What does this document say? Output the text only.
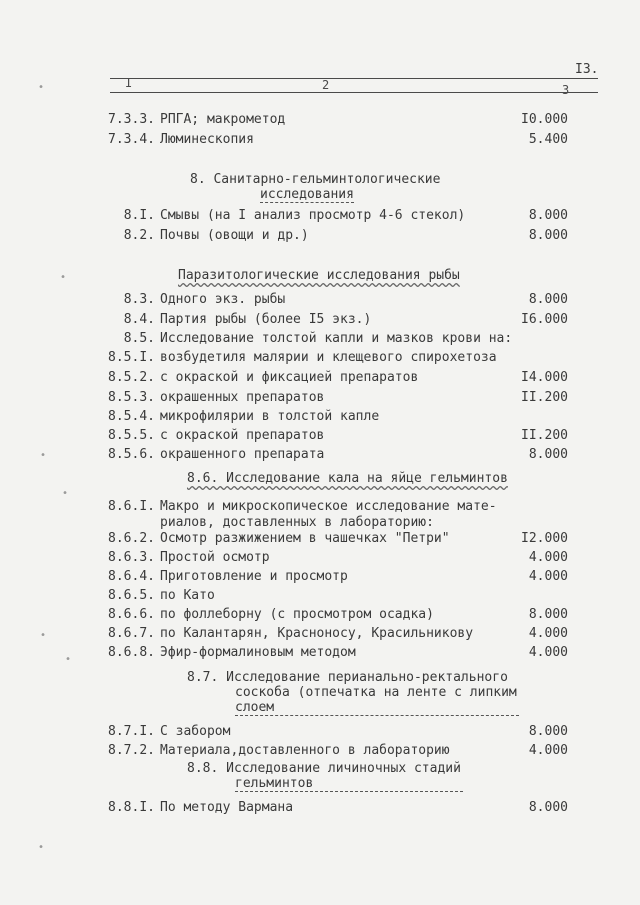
I3.
I	2	3
7.3.3. РПГА; макрометод	I0.000
7.3.4. Люминескопия	5.400
8. Санитарно-гельминтологические
исследования
8.I. Смывы (на I анализ просмотр 4-6 стекол)	8.000
8.2. Почвы (овощи и др.)	8.000
Паразитологические исследования рыбы
8.3. Одного экз. рыбы	8.000
8.4. Партия рыбы (более I5 экз.)	I6.000
8.5. Исследование толстой капли и мазков крови на:
8.5.I. возбудетиля малярии и клещевого спирохетоза
8.5.2. с окраской и фиксацией препаратов	I4.000
8.5.3. окрашенных препаратов	II.200
8.5.4. микрофилярии в толстой капле
8.5.5. с окраской препаратов	II.200
8.5.6. окрашенного препарата	8.000
8.6. Исследование кала на яйце гельминтов
8.6.I. Макро и микроскопическое исследование мате-
риалов, доставленных в лабораторию:
8.6.2. Осмотр разжижением в чашечках "Петри"	I2.000
8.6.3. Простой осмотр	4.000
8.6.4. Приготовление и просмотр	4.000
8.6.5. по Като
8.6.6. по фоллеборну (с просмотром осадка)	8.000
8.6.7. по Калантарян, Красноносу, Красильникову	4.000
8.6.8. Эфир-формалиновым методом	4.000
8.7. Исследование перианально-ректального
соскоба (отпечатка на ленте с липким
слоем
8.7.I. С забором	8.000
8.7.2. Материала,доставленного в лабораторию	4.000
8.8. Исследование личиночных стадий
гельминтов
8.8.I. По методу Вармана	8.000
•
•
•
•
•
•
•
